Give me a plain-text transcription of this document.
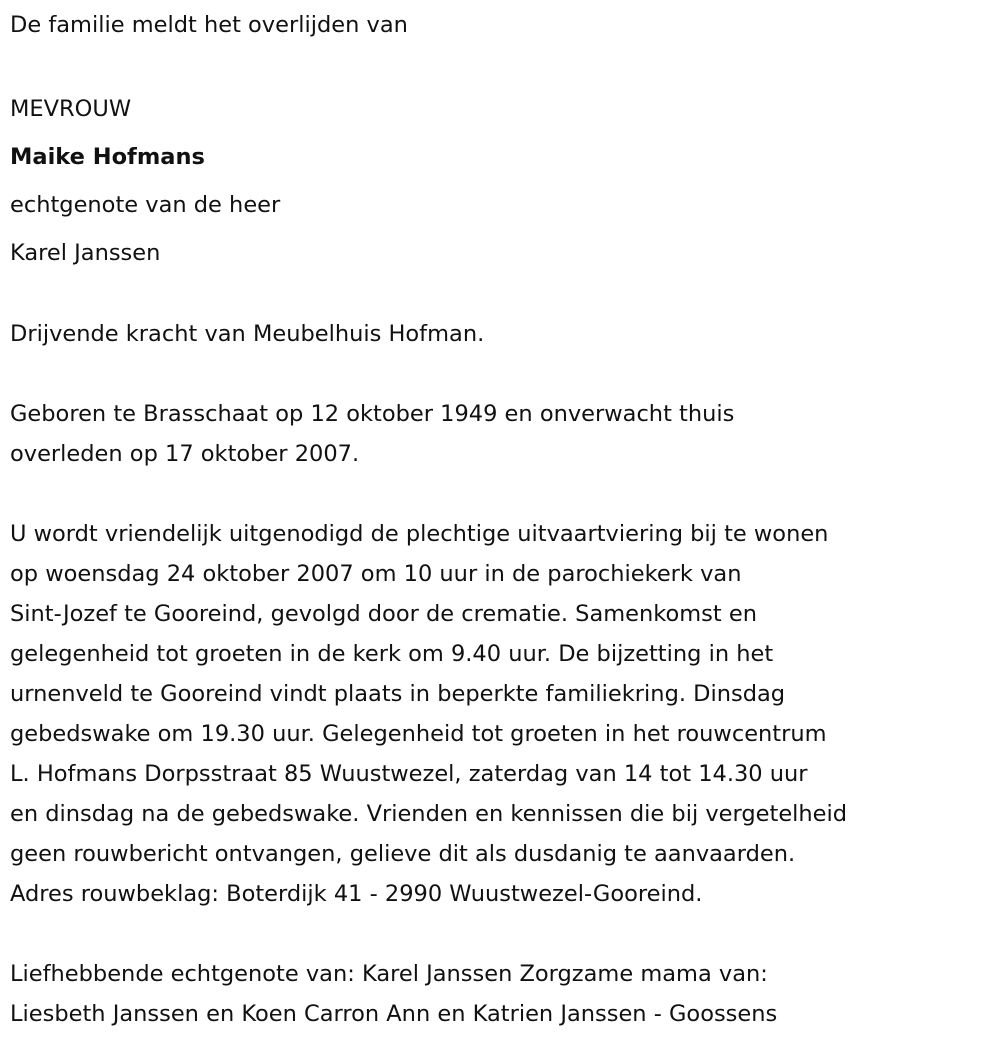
De familie meldt het overlijden van
MEVROUW
Maike Hofmans
echtgenote van de heer
Karel Janssen
Drijvende kracht van Meubelhuis Hofman.
Geboren te Brasschaat op 12 oktober 1949 en onverwacht thuis
overleden op 17 oktober 2007.
U wordt vriendelijk uitgenodigd de plechtige uitvaartviering bij te wonen
op woensdag 24 oktober 2007 om 10 uur in de parochiekerk van
Sint-Jozef te Gooreind, gevolgd door de crematie. Samenkomst en
gelegenheid tot groeten in de kerk om 9.40 uur. De bijzetting in het
urnenveld te Gooreind vindt plaats in beperkte familiekring. Dinsdag
gebedswake om 19.30 uur. Gelegenheid tot groeten in het rouwcentrum
L. Hofmans Dorpsstraat 85 Wuustwezel, zaterdag van 14 tot 14.30 uur
en dinsdag na de gebedswake. Vrienden en kennissen die bij vergetelheid
geen rouwbericht ontvangen, gelieve dit als dusdanig te aanvaarden.
Adres rouwbeklag: Boterdijk 41 - 2990 Wuustwezel-Gooreind.
Liefhebbende echtgenote van: Karel Janssen Zorgzame mama van:
Liesbeth Janssen en Koen Carron Ann en Katrien Janssen - Goossens
